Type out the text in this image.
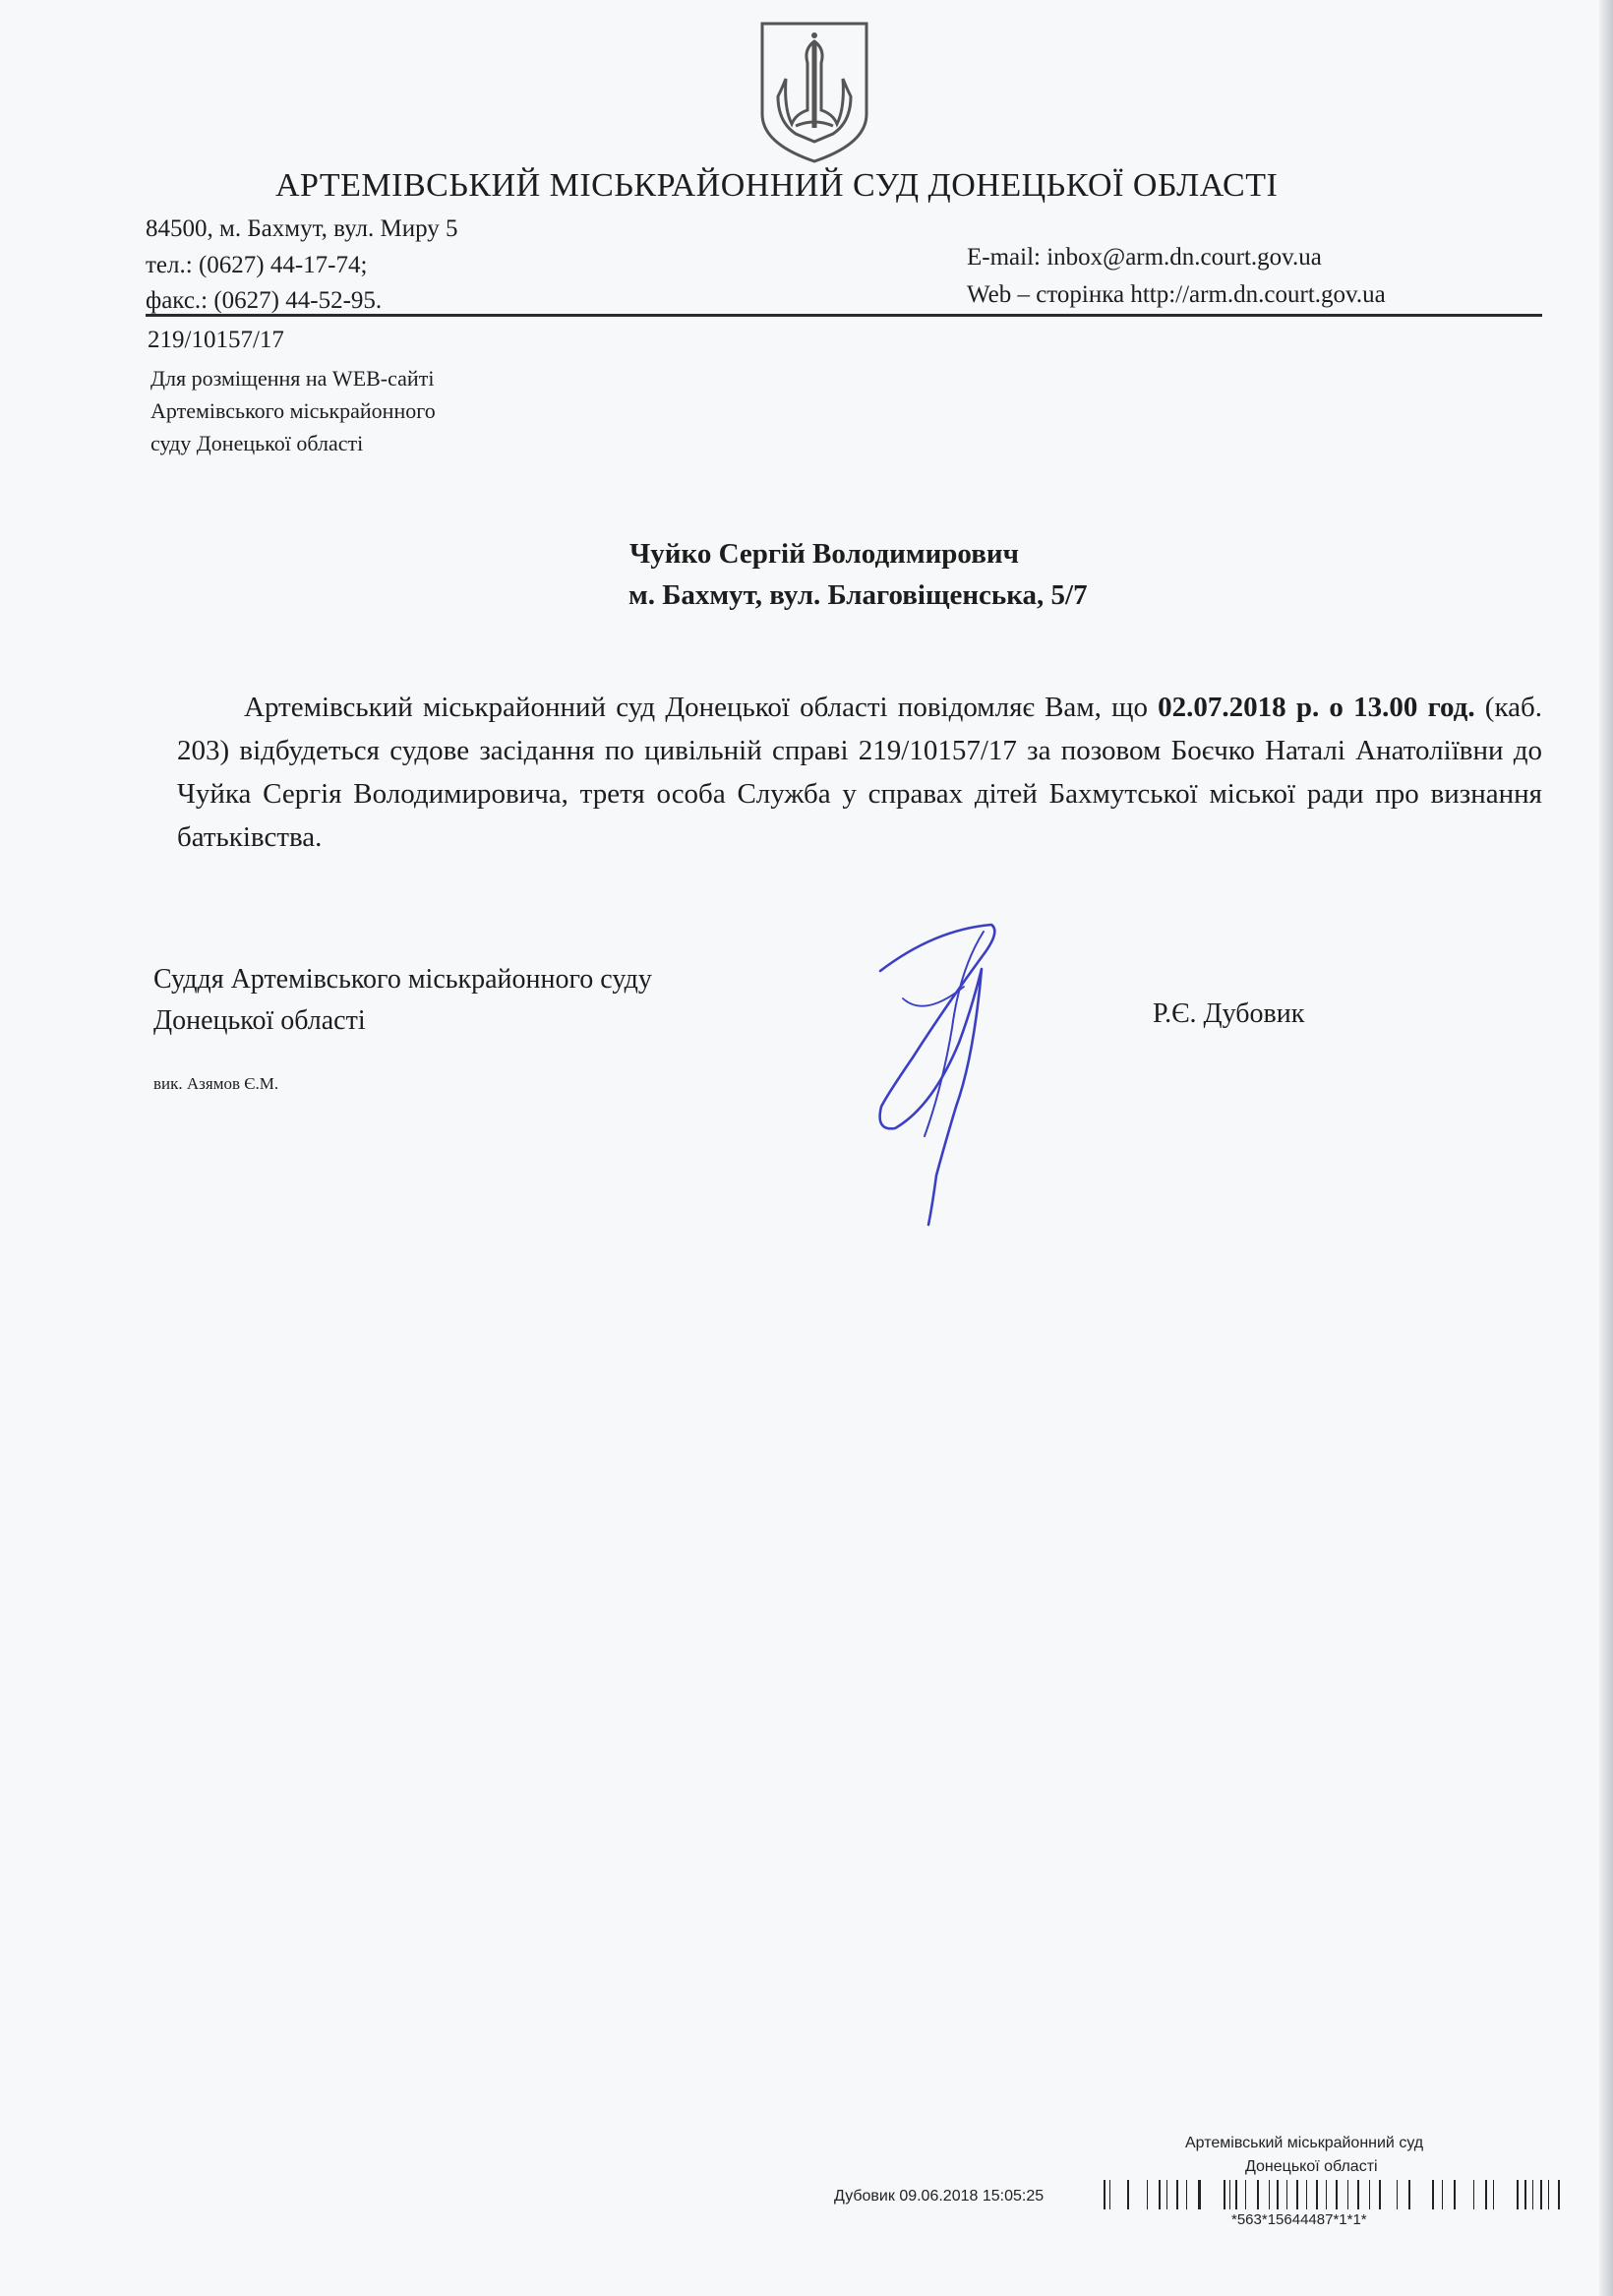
АРТЕМІВСЬКИЙ МІСЬКРАЙОННИЙ СУД ДОНЕЦЬКОЇ ОБЛАСТІ
84500, м. Бахмут, вул. Миру 5
тел.: (0627) 44-17-74;
факс.: (0627) 44-52-95.
E-mail: inbox@arm.dn.court.gov.ua
Web – сторінка http://arm.dn.court.gov.ua
219/10157/17
Для розміщення на WEB-сайті
Артемівського міськрайонного
суду Донецької області
Чуйко Сергій Володимирович
м. Бахмут, вул. Благовіщенська, 5/7
Артемівський міськрайонний суд Донецької області повідомляє Вам, що 02.07.2018 р. о 13.00 год. (каб. 203) відбудеться судове засідання по цивільній справі 219/10157/17 за позовом Боєчко Наталі Анатоліївни до Чуйка Сергія Володимировича, третя особа Служба у справах дітей Бахмутської міської ради про визнання батьківства.
Суддя Артемівського міськрайонного суду
Донецької області	Р.Є. Дубовик
вик. Азямов Є.М.
Артемівський міськрайонний суд
Донецької області
Дубовик 09.06.2018 15:05:25
*563*15644487*1*1*
